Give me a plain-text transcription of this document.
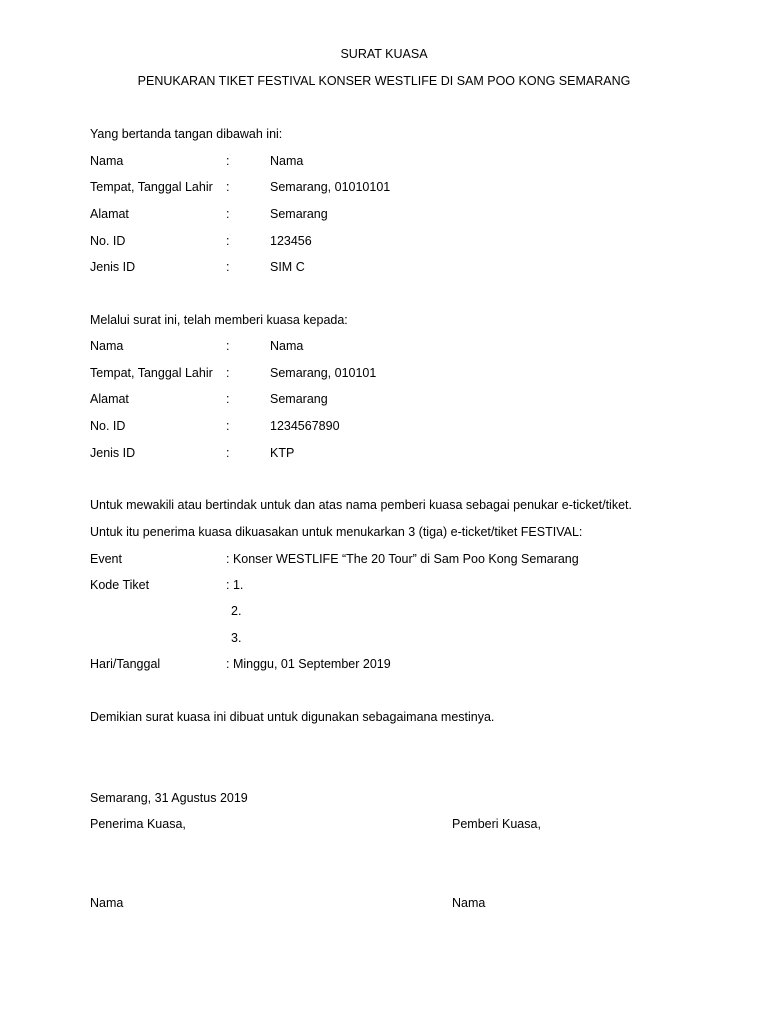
SURAT KUASA
PENUKARAN TIKET FESTIVAL KONSER WESTLIFE DI SAM POO KONG SEMARANG
Yang bertanda tangan dibawah ini:
Nama	:	Nama
Tempat, Tanggal Lahir :	Semarang, 01010101
Alamat	:	Semarang
No. ID	:	123456
Jenis ID	:	SIM C
Melalui surat ini, telah memberi kuasa kepada:
Nama	:	Nama
Tempat, Tanggal Lahir :	Semarang, 010101
Alamat	:	Semarang
No. ID	:	1234567890
Jenis ID	:	KTP
Untuk mewakili atau bertindak untuk dan atas nama pemberi kuasa sebagai penukar e-ticket/tiket.
Untuk itu penerima kuasa dikuasakan untuk menukarkan 3 (tiga) e-ticket/tiket FESTIVAL:
Event	: Konser WESTLIFE “The 20 Tour” di Sam Poo Kong Semarang
Kode Tiket	: 1.
2.
3.
Hari/Tanggal	: Minggu, 01 September 2019
Demikian surat kuasa ini dibuat untuk digunakan sebagaimana mestinya.
Semarang, 31 Agustus 2019
Penerima Kuasa,	Pemberi Kuasa,
Nama	Nama
